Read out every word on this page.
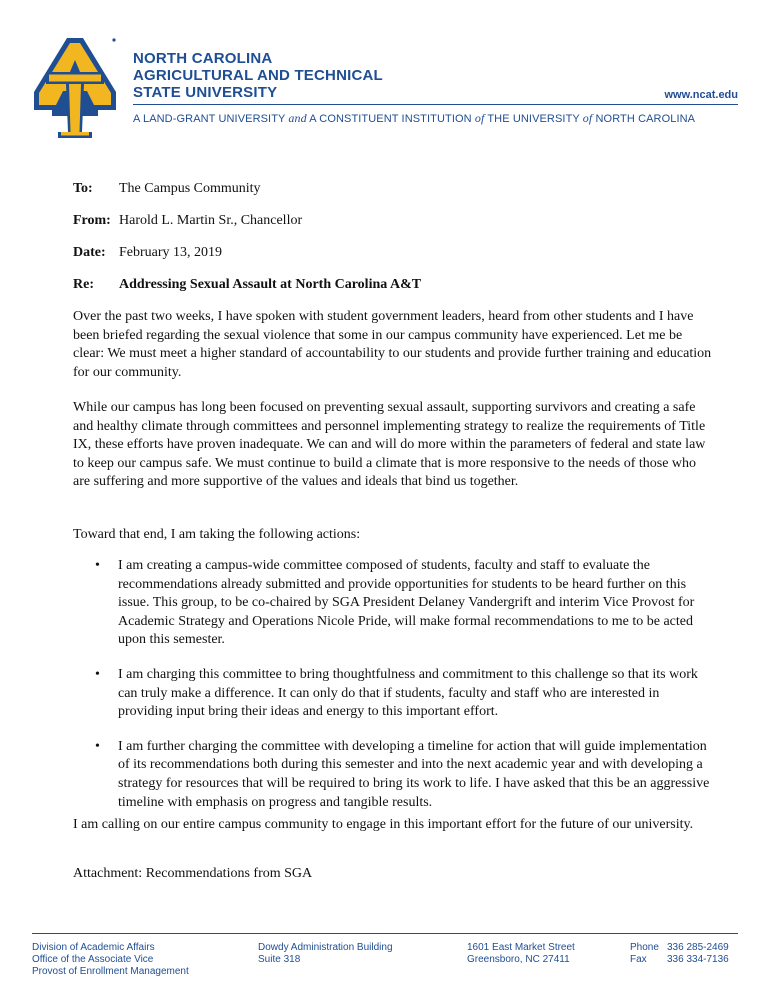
NORTH CAROLINA
AGRICULTURAL AND TECHNICAL
STATE UNIVERSITY	www.ncat.edu
A LAND-GRANT UNIVERSITY and A CONSTITUENT INSTITUTION of THE UNIVERSITY of NORTH CAROLINA
To: The Campus Community
From: Harold L. Martin Sr., Chancellor
Date: February 13, 2019
Re: Addressing Sexual Assault at North Carolina A&T

Over the past two weeks, I have spoken with student government leaders, heard from other students and I have been briefed regarding the sexual violence that some in our campus community have experienced. Let me be clear: We must meet a higher standard of accountability to our students and provide further training and education for our community.

While our campus has long been focused on preventing sexual assault, supporting survivors and creating a safe and healthy climate through committees and personnel implementing strategy to realize the requirements of Title IX, these efforts have proven inadequate. We can and will do more within the parameters of federal and state law to keep our campus safe. We must continue to build a climate that is more responsive to the needs of those who are suffering and more supportive of the values and ideals that bind us together.

Toward that end, I am taking the following actions:

• I am creating a campus-wide committee composed of students, faculty and staff to evaluate the recommendations already submitted and provide opportunities for students to be heard further on this issue. This group, to be co-chaired by SGA President Delaney Vandergrift and interim Vice Provost for Academic Strategy and Operations Nicole Pride, will make formal recommendations to me to be acted upon this semester.
• I am charging this committee to bring thoughtfulness and commitment to this challenge so that its work can truly make a difference. It can only do that if students, faculty and staff who are interested in providing input bring their ideas and energy to this important effort.
• I am further charging the committee with developing a timeline for action that will guide implementation of its recommendations both during this semester and into the next academic year and with developing a strategy for resources that will be required to bring its work to life. I have asked that this be an aggressive timeline with emphasis on progress and tangible results.

I am calling on our entire campus community to engage in this important effort for the future of our university.

Attachment: Recommendations from SGA
Division of Academic Affairs
Office of the Associate Vice
Provost of Enrollment Management
Dowdy Administration Building
Suite 318
1601 East Market Street
Greensboro, NC 27411
Phone 336 285-2469
Fax 336 334-7136
